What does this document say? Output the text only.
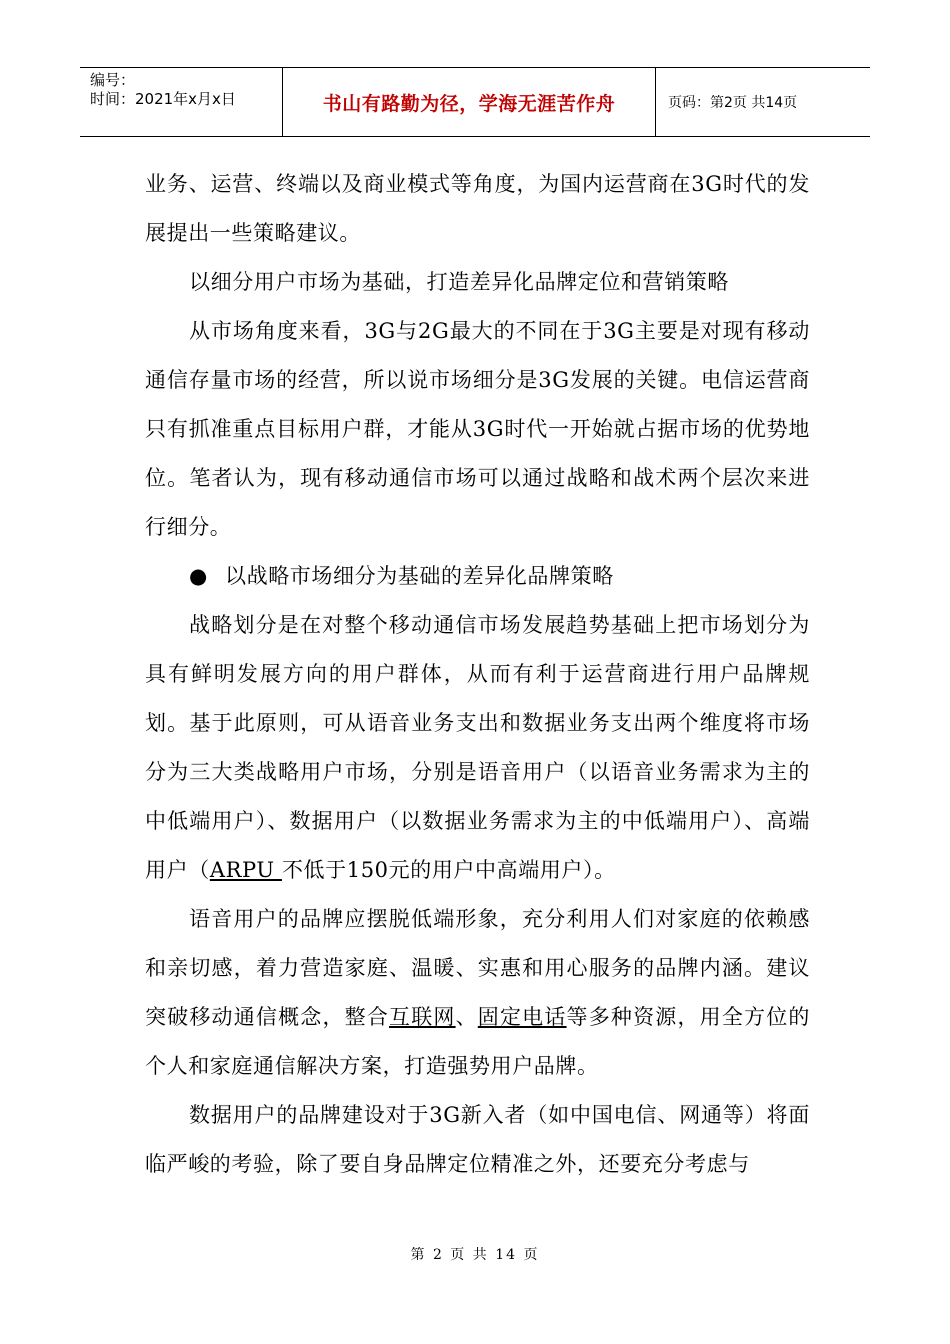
编号：
时间：2021年x月x日	书山有路勤为径，学海无涯苦作舟	页码：第2页 共14页

业务、运营、终端以及商业模式等角度，为国内运营商在3G时代的发展提出一些策略建议。

以细分用户市场为基础，打造差异化品牌定位和营销策略

从市场角度来看，3G与2G最大的不同在于3G主要是对现有移动通信存量市场的经营，所以说市场细分是3G发展的关键。电信运营商只有抓准重点目标用户群，才能从3G时代一开始就占据市场的优势地位。笔者认为，现有移动通信市场可以通过战略和战术两个层次来进行细分。

● 以战略市场细分为基础的差异化品牌策略

战略划分是在对整个移动通信市场发展趋势基础上把市场划分为具有鲜明发展方向的用户群体，从而有利于运营商进行用户品牌规划。基于此原则，可从语音业务支出和数据业务支出两个维度将市场分为三大类战略用户市场，分别是语音用户（以语音业务需求为主的中低端用户）、数据用户（以数据业务需求为主的中低端用户）、高端用户（ARPU 不低于150元的用户中高端用户）。

语音用户的品牌应摆脱低端形象，充分利用人们对家庭的依赖感和亲切感，着力营造家庭、温暖、实惠和用心服务的品牌内涵。建议突破移动通信概念，整合互联网、固定电话等多种资源，用全方位的个人和家庭通信解决方案，打造强势用户品牌。

数据用户的品牌建设对于3G新入者（如中国电信、网通等）将面临严峻的考验，除了要自身品牌定位精准之外，还要充分考虑与

第 2 页 共 14 页
